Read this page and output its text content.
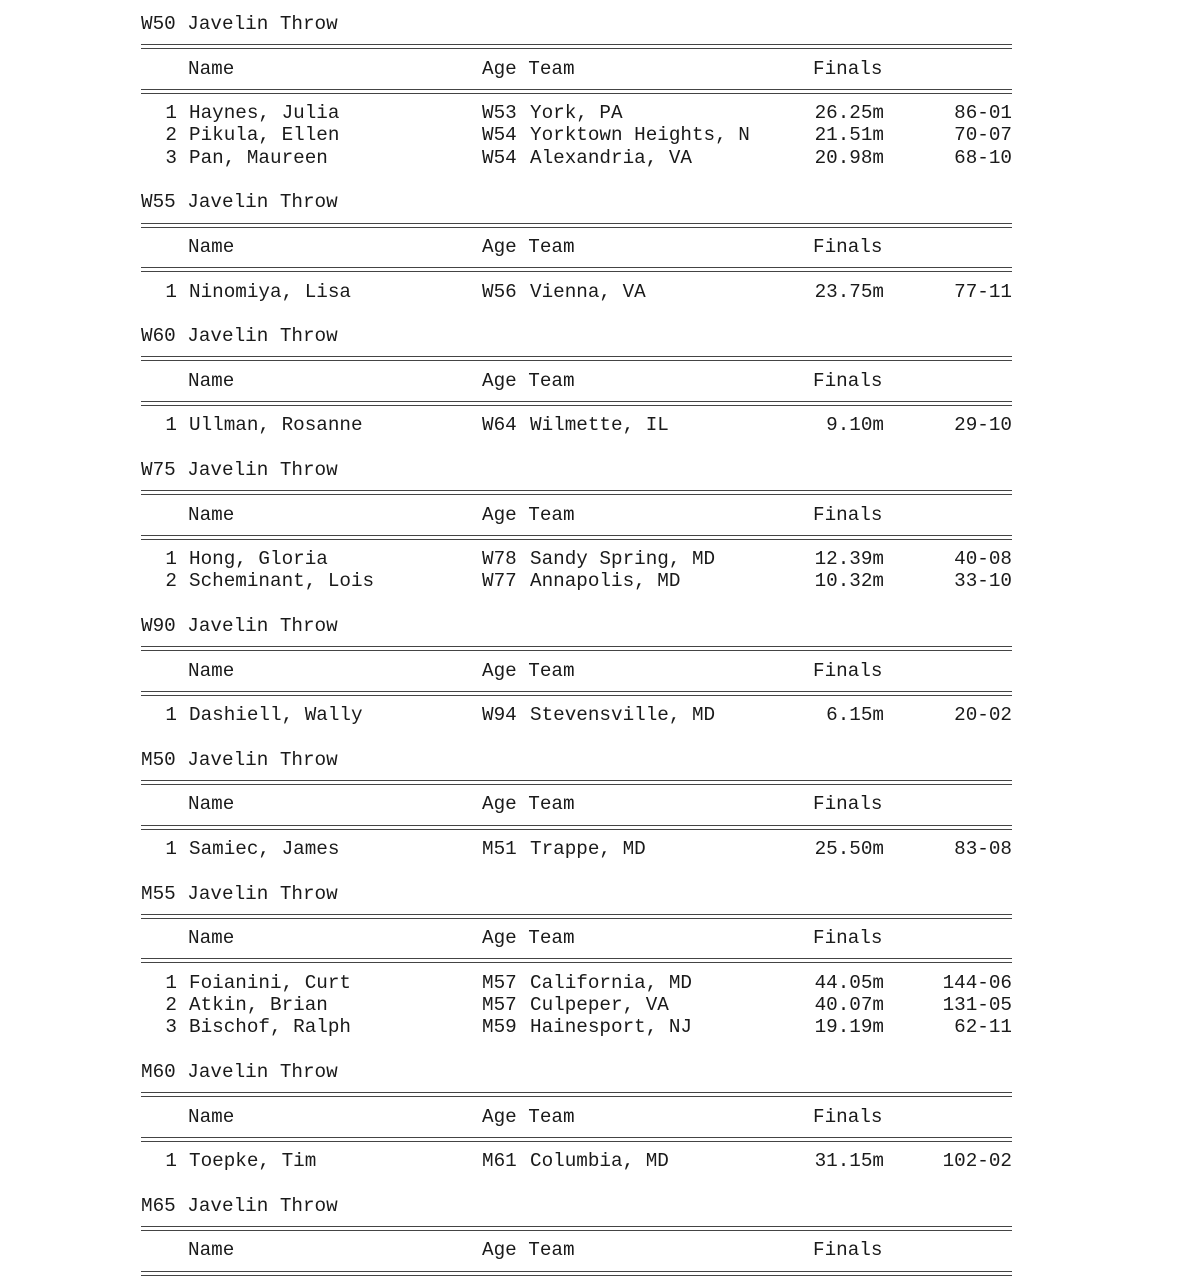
W50 Javelin Throw
Name	Age Team	Finals
1 Haynes, Julia	W53 York, PA	26.25m	86-01
2 Pikula, Ellen	W54 Yorktown Heights, N	21.51m	70-07
3 Pan, Maureen	W54 Alexandria, VA	20.98m	68-10
W55 Javelin Throw
Name	Age Team	Finals
1 Ninomiya, Lisa	W56 Vienna, VA	23.75m	77-11
W60 Javelin Throw
Name	Age Team	Finals
1 Ullman, Rosanne	W64 Wilmette, IL	9.10m	29-10
W75 Javelin Throw
Name	Age Team	Finals
1 Hong, Gloria	W78 Sandy Spring, MD	12.39m	40-08
2 Scheminant, Lois	W77 Annapolis, MD	10.32m	33-10
W90 Javelin Throw
Name	Age Team	Finals
1 Dashiell, Wally	W94 Stevensville, MD	6.15m	20-02
M50 Javelin Throw
Name	Age Team	Finals
1 Samiec, James	M51 Trappe, MD	25.50m	83-08
M55 Javelin Throw
Name	Age Team	Finals
1 Foianini, Curt	M57 California, MD	44.05m	144-06
2 Atkin, Brian	M57 Culpeper, VA	40.07m	131-05
3 Bischof, Ralph	M59 Hainesport, NJ	19.19m	62-11
M60 Javelin Throw
Name	Age Team	Finals
1 Toepke, Tim	M61 Columbia, MD	31.15m	102-02
M65 Javelin Throw
Name	Age Team	Finals
